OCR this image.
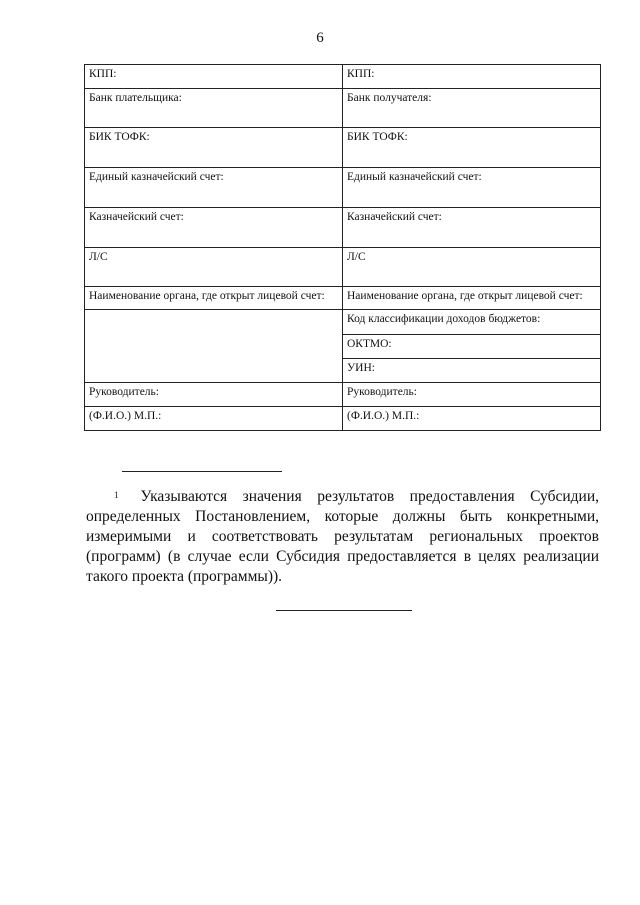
6
КПП:	КПП:
Банк плательщика:	Банк получателя:
БИК ТОФК:	БИК ТОФК:
Единый казначейский счет:	Единый казначейский счет:
Казначейский счет:	Казначейский счет:
Л/С	Л/С
Наименование органа, где открыт лицевой счет:	Наименование органа, где открыт лицевой счет:
	Код классификации доходов бюджетов:
	ОКТМО:
	УИН:
Руководитель:	Руководитель:
(Ф.И.О.) М.П.:	(Ф.И.О.) М.П.:
$^1$ Указываются значения результатов предоставления Субсидии, определенных Постановлением, которые должны быть конкретными, измеримыми и соответствовать результатам региональных проектов (программ) (в случае если Субсидия предоставляется в целях реализации такого проекта (программы)).
